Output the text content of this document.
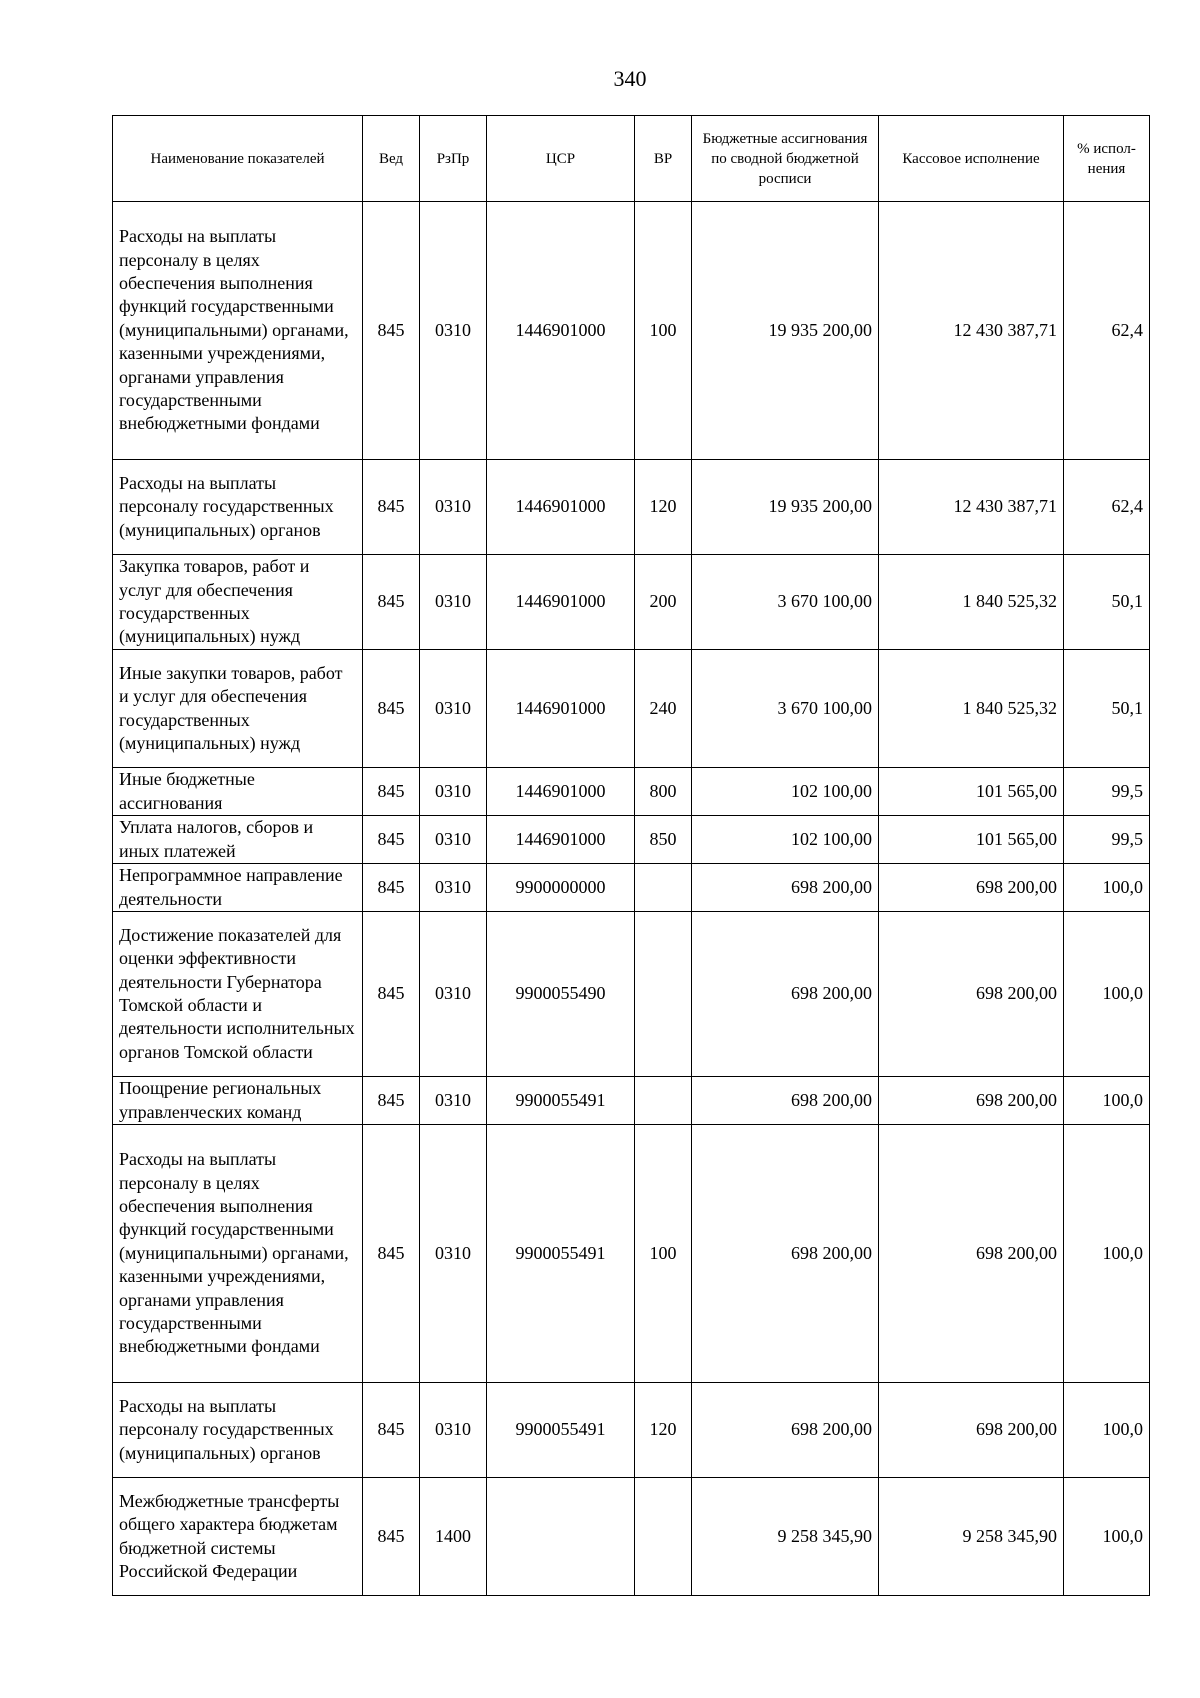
340
Наименование показателей	Вед	РзПр	ЦСР	ВР	Бюджетные ассигнования по сводной бюджетной росписи	Кассовое исполнение	% испол-нения
Расходы на выплаты персоналу в целях обеспечения выполнения функций государственными (муниципальными) органами, казенными учреждениями, органами управления государственными внебюджетными фондами	845	0310	1446901000	100	19 935 200,00	12 430 387,71	62,4
Расходы на выплаты персоналу государственных (муниципальных) органов	845	0310	1446901000	120	19 935 200,00	12 430 387,71	62,4
Закупка товаров, работ и услуг для обеспечения государственных (муниципальных) нужд	845	0310	1446901000	200	3 670 100,00	1 840 525,32	50,1
Иные закупки товаров, работ и услуг для обеспечения государственных (муниципальных) нужд	845	0310	1446901000	240	3 670 100,00	1 840 525,32	50,1
Иные бюджетные ассигнования	845	0310	1446901000	800	102 100,00	101 565,00	99,5
Уплата налогов, сборов и иных платежей	845	0310	1446901000	850	102 100,00	101 565,00	99,5
Непрограммное направление деятельности	845	0310	9900000000		698 200,00	698 200,00	100,0
Достижение показателей для оценки эффективности деятельности Губернатора Томской области и деятельности исполнительных органов Томской области	845	0310	9900055490		698 200,00	698 200,00	100,0
Поощрение региональных управленческих команд	845	0310	9900055491		698 200,00	698 200,00	100,0
Расходы на выплаты персоналу в целях обеспечения выполнения функций государственными (муниципальными) органами, казенными учреждениями, органами управления государственными внебюджетными фондами	845	0310	9900055491	100	698 200,00	698 200,00	100,0
Расходы на выплаты персоналу государственных (муниципальных) органов	845	0310	9900055491	120	698 200,00	698 200,00	100,0
Межбюджетные трансферты общего характера бюджетам бюджетной системы Российской Федерации	845	1400			9 258 345,90	9 258 345,90	100,0
